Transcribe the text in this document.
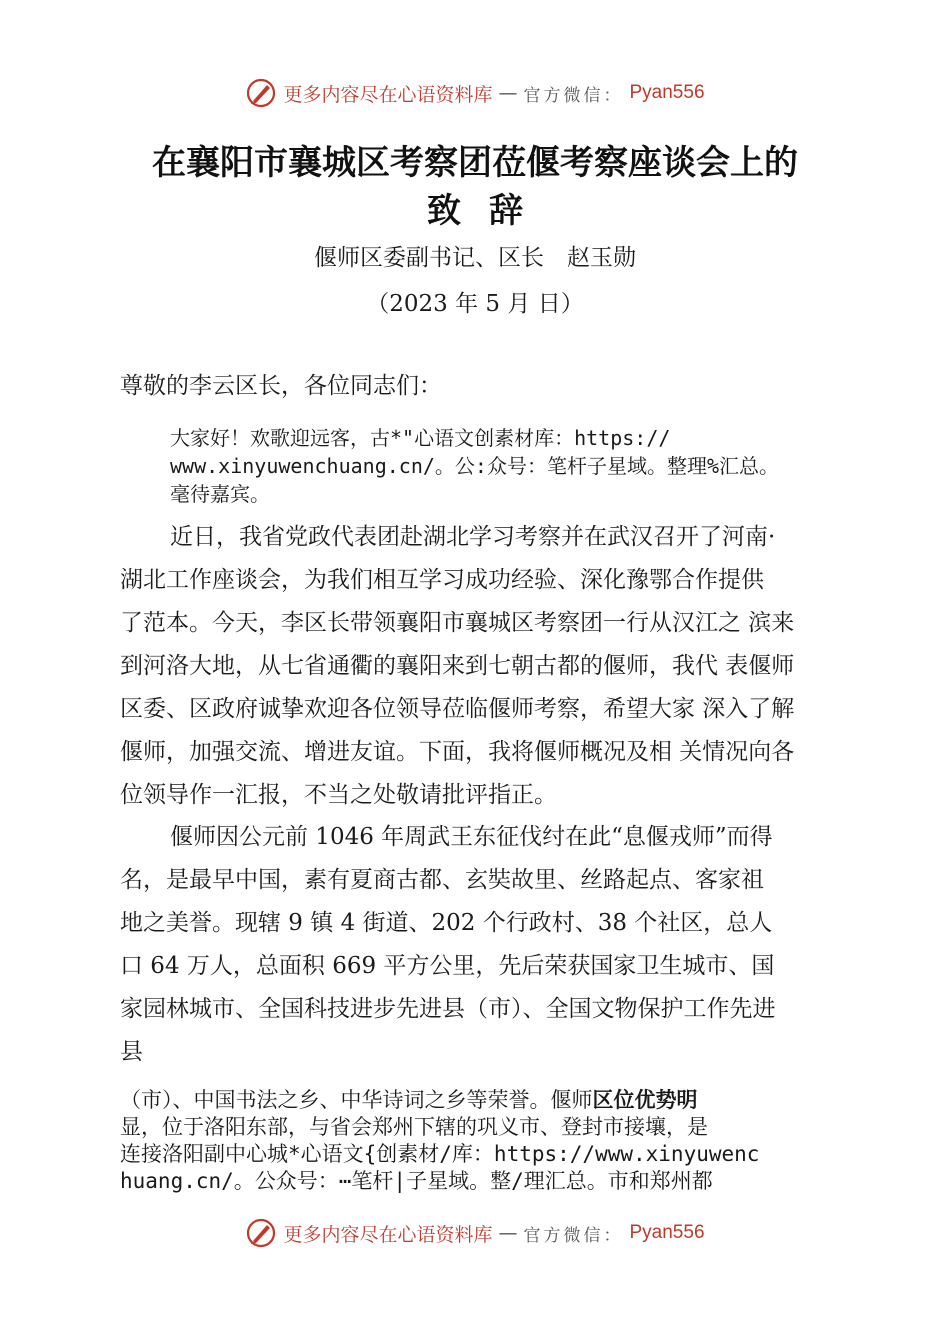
更多内容尽在心语资料库 — 官方微信： Pyan556
在襄阳市襄城区考察团莅偃考察座谈会上的
致辞
偃师区委副书记、区长　赵玉勋
（2023 年 5 月 日）
尊敬的李云区长，各位同志们：
大家好！欢歌迎远客，古*"心语文创素材库：https://
www.xinyuwenchuang.cn/。公:众号：笔杆子星域。整理%汇总。
毫待嘉宾。
近日，我省党政代表团赴湖北学习考察并在武汉召开了河南·
湖北工作座谈会，为我们相互学习成功经验、深化豫鄂合作提供
了范本。今天，李区长带领襄阳市襄城区考察团一行从汉江之 滨来
到河洛大地，从七省通衢的襄阳来到七朝古都的偃师，我代 表偃师
区委、区政府诚挚欢迎各位领导莅临偃师考察，希望大家 深入了解
偃师，加强交流、增进友谊。下面，我将偃师概况及相 关情况向各
位领导作一汇报，不当之处敬请批评指正。
偃师因公元前 1046 年周武王东征伐纣在此“息偃戎师”而得
名，是最早中国，素有夏商古都、玄奘故里、丝路起点、客家祖
地之美誉。现辖 9 镇 4 街道、202 个行政村、38 个社区，总人
口 64 万人，总面积 669 平方公里，先后荣获国家卫生城市、国
家园林城市、全国科技进步先进县（市）、全国文物保护工作先进
县
（市）、中国书法之乡、中华诗词之乡等荣誉。偃师区位优势明
显，位于洛阳东部，与省会郑州下辖的巩义市、登封市接壤，是
连接洛阳副中心城*心语文{创素材/库：https://www.xinyuwenc
huang.cn/。公众号：⋯笔杆|子星域。整/理汇总。市和郑州都
更多内容尽在心语资料库 — 官方微信： Pyan556
